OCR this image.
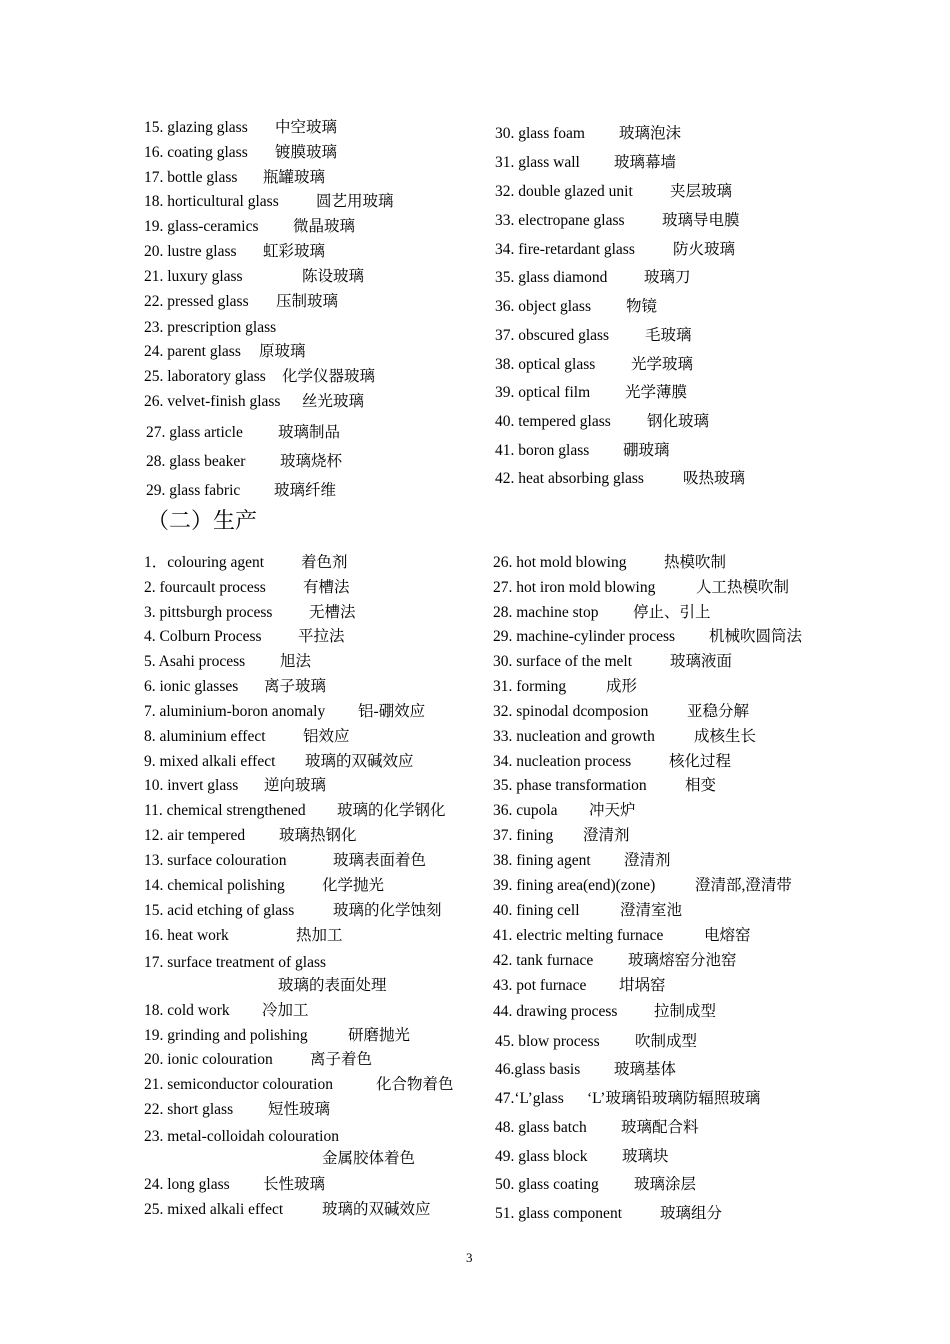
15. glazing glass 中空玻璃
16. coating glass 镀膜玻璃
17. bottle glass 瓶罐玻璃
18. horticultural glass 圆艺用玻璃
19. glass-ceramics 微晶玻璃
20. lustre glass 虹彩玻璃
21. luxury glass	陈设玻璃
22. pressed glass 压制玻璃
23. prescription glass
24. parent glass 原玻璃
25. laboratory glass 化学仪器玻璃
26. velvet-finish glass 丝光玻璃
27. glass article 玻璃制品
28. glass beaker 玻璃烧杯
29. glass fabric 玻璃纤维
30. glass foam 玻璃泡沫
31. glass wall 玻璃幕墙
32. double glazed unit 夹层玻璃
33. electropane glass 玻璃导电膜
34. fire-retardant glass 防火玻璃
35. glass diamond 玻璃刀
36. object glass 物镜
37. obscured glass 毛玻璃
38. optical glass 光学玻璃
39. optical film 光学薄膜
40. tempered glass 钢化玻璃
41. boron glass 硼玻璃
42. heat absorbing glass	吸热玻璃
（二）生产
1．colouring agent 着色剂
2. fourcault process 有槽法
3. pittsburgh process 无槽法
4. Colburn Process 平拉法
5. Asahi process 旭法
6. ionic glasses 离子玻璃
7. aluminium-boron anomaly 铝-硼效应
8. aluminium effect 铝效应
9. mixed alkali effect 玻璃的双碱效应
10. invert glass 逆向玻璃
11. chemical strengthened 玻璃的化学钢化
12. air tempered 玻璃热钢化
13. surface colouration	玻璃表面着色
14. chemical polishing 化学抛光
15. acid etching of glass	玻璃的化学蚀刻
16. heat work	热加工
17. surface treatment of glass
玻璃的表面处理
18. cold work 冷加工
19. grinding and polishing	研磨抛光
20. ionic colouration 离子着色
21. semiconductor colouration	化合物着色
22. short glass 短性玻璃
23. metal-colloidah colouration
金属胶体着色
24. long glass 长性玻璃
25. mixed alkali effect	玻璃的双碱效应
26. hot mold blowing 热模吹制
27. hot iron mold blowing	人工热模吹制
28. machine stop 停止、引上
29. machine-cylinder process 机械吹圆筒法
30. surface of the melt 玻璃液面
31. forming	成形
32. spinodal dcomposion 亚稳分解
33. nucleation and growth	成核生长
34. nucleation process 核化过程
35. phase transformation 相变
36. cupola 冲天炉
37. fining 澄清剂
38. fining agent 澄清剂
39. fining area(end)(zone)	澄清部,澄清带
40. fining cell	澄清室池
41. electric melting furnace	电熔窑
42. tank furnace 玻璃熔窑分池窑
43. pot furnace 坩埚窑
44. drawing process 拉制成型
45. blow process 吹制成型
46.glass basis 玻璃基体
47.‘L’glass ‘L’玻璃铅玻璃防辐照玻璃
48. glass batch 玻璃配合料
49. glass block 玻璃块
50. glass coating 玻璃涂层
51. glass component 玻璃组分
3
